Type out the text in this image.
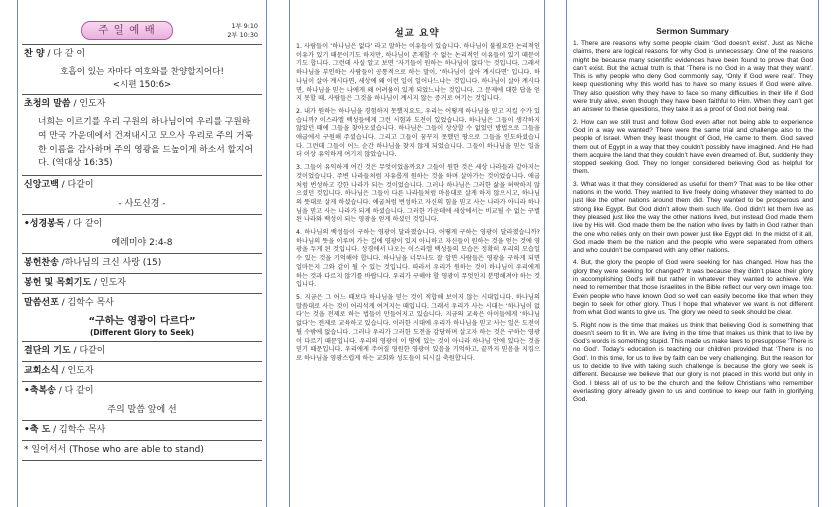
주 일 예 배	1부 9:10
2부 10:30
찬 양 / 다 같 이
호흡이 있는 자마다 여호와를 찬양할지어다!
<시편 150:6>
초청의 말씀 / 인도자
너희는 이르기를 우리 구원의 하나님이여 우리를 구원하여 만국 가운데에서 건져내시고 모으사 우리로 주의 거룩한 이름을 감사하며 주의 영광을 드높이게 하소서 할지어다. (역대상 16:35)
신앙고백 / 다같이
- 사도신경 -
•성경봉독 / 다 같이
예레미야 2:4-8
봉헌찬송 /하나님의 크신 사랑 (15)
봉헌 및 목회기도 / 인도자
말씀선포 / 김학수 목사
“구하는 영광이 다르다”
(Different Glory to Seek)
결단의 기도 / 다같이
교회소식 / 인도자
•축복송 / 다 같이
주의 말씀 앞에 선
•축 도 / 김학수 목사
* 일어서서 (Those who are able to stand)
설교 요약

1. 사람들이 ‘하나님은 없다’ 라고 말하는 이유들이 있습니다. 하나님이 불필요한 논리적인 이유가 있기 때문이기도 하지만, 하나님이 존재할 수 없는 논리적인 이유들이 있기 때문이기도 합니다. 그런데 사실 알고 보면 ‘자기들이 원하는 하나님이 없다’는 것입니다. 그래서 하나님을 부인하는 사람들이 공통적으로 하는 말이, ‘하나님이 살아 계시다면’ 입니다. 하나님이 살아 계시다면, 세상에 왜 이런 일이 일어나느냐는 것입니다. 하나님이 살아 계시다면, 하나님을 믿는 나에게 왜 어려움이 있게 되었느냐는 것입니다. 그 문제에 대한 답을 얻지 못할 때, 사람들은 그것을 하나님이 계시지 않는 증거로 여기는 것입니다.

2. 내가 원하는 하나님을 경험하지 못했지요도, 우리는 어떻게 하나님을 믿고 지킬 수가 있습니까? 이스라엘 백성들에게 그런 시험과 도전이 있었습니다. 하나님은 그들이 생각하지 않았던 때에 그들을 찾아오셨습니다. 하나님은 그들이 상상할 수 없었던 방법으로 그들을 애굽에서 구원해 주셨습니다. 그리고 그들이 꿈꾸지 못했던 땅으로 그들을 인도하셨습니다. 그런데 그들이 어느 순간 하나님을 찾지 않게 되었습니다. 그들이 하나님을 믿는 일을 더 이상 유익하게 여기지 않았습니다.

3. 그들이 유익하게 여긴 것은 무엇이었을까요? 그들이 원한 것은 세상 나라들과 같아지는 것이었습니다. 주변 나라들처럼 자유롭게 원하는 것을 하며 살아가는 것이었습니다. 애굽처럼 번성하고 강한 나라가 되는 것이었습니다. 그러나 하나님은 그러한 삶을 허락하지 않으셨던 것입니다. 하나님은 그들이 다른 나라들처럼 마음대로 살게 하지 않으시고, 하나님의 뜻대로 살게 하셨습니다. 애굽처럼 번성하고 자신의 힘을 믿고 사는 나라가 아니라 하나님을 믿고 사는 나라가 되게 하셨습니다. 그러한 가운데에 세상에서는 비교될 수 없는 구별된 나라와 백성이 되는 영광을 얻게 하셨던 것입니다.

4. 하나님의 백성들이 구하는 영광이 달라졌습니다. 어떻게 구하는 영광이 달라졌습니까? 하나님의 뜻을 이루며 가는 길에 영광이 있지 아니하고 자신들이 원하는 것을 얻는 것에 영광을 두게 된 것입니다. 성경에서 나오는 이스라엘 백성들의 모습은 정확히 우리의 모습일 수 있는 것을 기억해야 합니다. 하나님을 너무나도 잘 알면 사람들은 영광을 구하게 되면 얼마든지 그와 같이 될 수 있는 것입니다. 따라서 우리가 원하는 것이 하나님이 우리에게 하는 것과 다르지 않기를 바랍니다. 우리가 구해야 할 영광이 무엇인지 분명해져야 하는 것입니다.

5. 지금은 그 어느 때보다 하나님을 믿는 것이 적합해 보이지 않는 시대입니다. 하나님의 말씀대로 사는 것이 어리석게 여겨지는 때입니다. 그래서 우리가 사는 시대는 ‘하나님이 없다’는 것을 전제로 하는 법들이 만들어지고 있습니다. 지금의 교육은 아이들에게 ‘하나님 없다’는 전제로 교육하고 있습니다. 이러한 시대에 우리가 하나님을 믿고 사는 일은 도전이 될 수밖에 없습니다. 그러나 우리가 그러한 도전을 감당하며 살고자 하는 것은 구하는 영광이 다르기 때문입니다. 우리의 영광이 이 땅에 있는 것이 아니라 하나님 안에 있다는 것을 믿기 때문입니다. 우리에게 주어질 영원한 영광이 있음을 기억하고, 끝까지 믿음을 지킴으로 하나님을 영광스럽게 하는 교회와 성도들이 되시길 축원합니다.

Sermon Summary

1. There are reasons why some people claim ‘God doesn’t exist’. Just as Niche claims, there are logical reasons for why God is unnecessary. One of the reasons might be because many scientific evidences have been found to prove that God can’t exist. But the actual truth is that ‘There is no God in a way that they want’. This is why people who deny God commonly say, ‘Only if God were real’. They keep questioning why this world has to have so many issues if God were alive. They also question why they have to face so many difficulties in their life if God were truly alive, even though they have been faithful to Him. When they can’t get an answer to these questions, they take it as a proof of God not being real.

2. How can we still trust and follow God even after not being able to experience God in a way we wanted? There were the same trial and challenge also to the people of Israel. When they least thought of God, He came to them. God saved them out of Egypt in a way that they couldn’t possibly have imagined. And He had them acquire the land that they couldn’t have even dreamed of. But, suddenly they stopped seeking God. They no longer considered believing God as helpful for them.

3. What was it that they considered as useful for them? That was to be like other nations in the world. They wanted to live freely doing whatever they wanted to do just like the other nations around them did. They wanted to be prosperous and strong like Egypt. But God didn’t allow them such life. God didn’t let them live as they pleased just like the way the other nations lived, but instead God made them live by His will. God made them be the nation who lives by faith in God rather than the one who relies only on their own power just like Egypt did. In the midst of it all, God made them be the nation and the people who were separated from others and who couldn’t be compared with any other nations.

4. But, the glory the people of God were seeking for has changed. How has the glory they were seeking for changed? It was because they didn’t place their glory in accomplishing God’s will but rather in whatever they wanted to achieve. We need to remember that those Israelites in the Bible reflect our very own image too. Even people who have known God so well can easily become like that when they begin to seek for other glory. Thus I hope that whatever we want is not different from what God wants to give us. The glory we need to seek should be clear.

5. Right now is the time that makes us think that believing God is something that doesn’t seem to fit in. We are living in the time that makes us think that to live by God’s words is something stupid. This made us make laws to presuppose ‘There is no God’. Today’s education is teaching our children provided that ‘There is no God’. In this time, for us to live by faith can be very challenging. But the reason for us to decide to live with taking such challenge is because the glory we seek is different. Because we believe that our glory is not placed in this world but only in God. I bless all of us to be the church and the fellow Christians who remember everlasting glory already given to us and continue to keep our faith in glorifying God.
